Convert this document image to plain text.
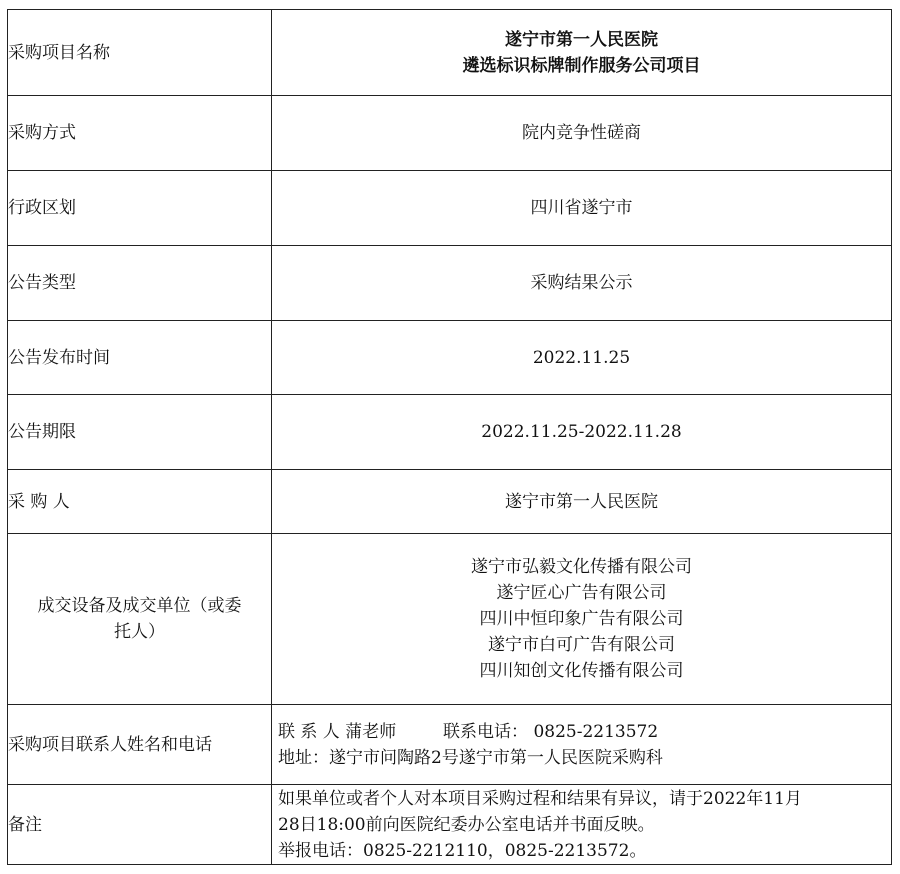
采购项目名称	遂宁市第一人民医院
遴选标识标牌制作服务公司项目

采购方式	院内竞争性磋商
行政区划	四川省遂宁市
公告类型	采购结果公示
公告发布时间	2022.11.25
公告期限	2022.11.25-2022.11.28
采 购 人	遂宁市第一人民医院

成交设备及成交单位（或委
托人）	遂宁市弘毅文化传播有限公司
遂宁匠心广告有限公司
四川中恒印象广告有限公司
遂宁市白可广告有限公司
四川知创文化传播有限公司

采购项目联系人姓名和电话	联 系 人 蒲老师 联系电话： 0825-2213572
地址：遂宁市问陶路2号遂宁市第一人民医院采购科

备注	如果单位或者个人对本项目采购过程和结果有异议，请于2022年11月
28日18:00前向医院纪委办公室电话并书面反映。
举报电话：0825-2212110，0825-2213572。
